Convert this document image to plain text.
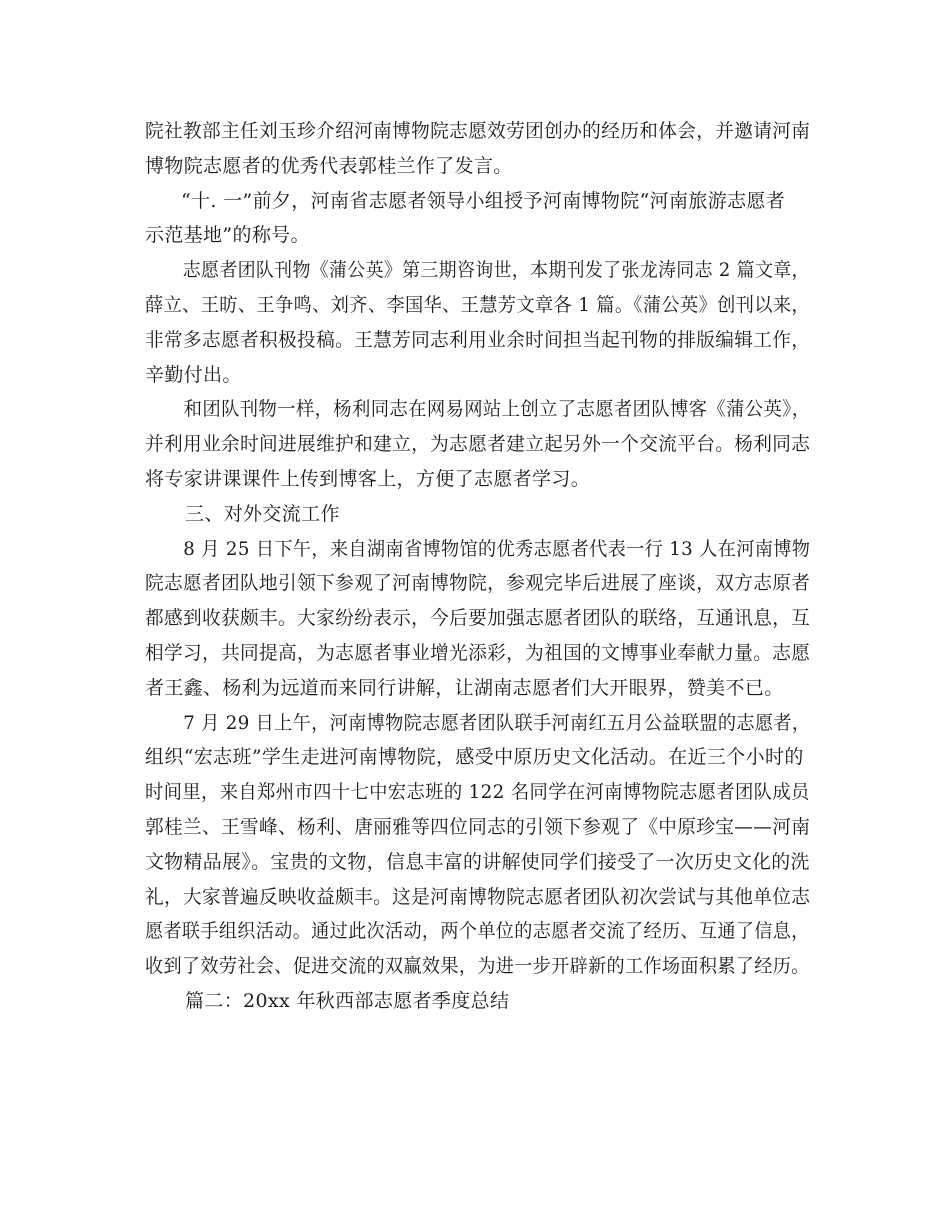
院社教部主任刘玉珍介绍河南博物院志愿效劳团创办的经历和体会，并邀请河南
博物院志愿者的优秀代表郭桂兰作了发言。
“十. 一”前夕，河南省志愿者领导小组授予河南博物院“河南旅游志愿者
示范基地”的称号。
志愿者团队刊物《蒲公英》第三期咨询世，本期刊发了张龙涛同志 2 篇文章，
薛立、王昉、王争鸣、刘齐、李国华、王慧芳文章各 1 篇。《蒲公英》创刊以来，
非常多志愿者积极投稿。王慧芳同志利用业余时间担当起刊物的排版编辑工作，
辛勤付出。
和团队刊物一样，杨利同志在网易网站上创立了志愿者团队博客《蒲公英》，
并利用业余时间进展维护和建立，为志愿者建立起另外一个交流平台。杨利同志
将专家讲课课件上传到博客上，方便了志愿者学习。
三、对外交流工作
8 月 25 日下午，来自湖南省博物馆的优秀志愿者代表一行 13 人在河南博物
院志愿者团队地引领下参观了河南博物院，参观完毕后进展了座谈，双方志原者
都感到收获颇丰。大家纷纷表示，今后要加强志愿者团队的联络，互通讯息，互
相学习，共同提高，为志愿者事业增光添彩，为祖国的文博事业奉献力量。志愿
者王鑫、杨利为远道而来同行讲解，让湖南志愿者们大开眼界，赞美不已。
7 月 29 日上午，河南博物院志愿者团队联手河南红五月公益联盟的志愿者，
组织“宏志班”学生走进河南博物院，感受中原历史文化活动。在近三个小时的
时间里，来自郑州市四十七中宏志班的 122 名同学在河南博物院志愿者团队成员
郭桂兰、王雪峰、杨利、唐丽雅等四位同志的引领下参观了《中原珍宝——河南
文物精品展》。宝贵的文物，信息丰富的讲解使同学们接受了一次历史文化的洗
礼，大家普遍反映收益颇丰。这是河南博物院志愿者团队初次尝试与其他单位志
愿者联手组织活动。通过此次活动，两个单位的志愿者交流了经历、互通了信息，
收到了效劳社会、促进交流的双赢效果，为进一步开辟新的工作场面积累了经历。
篇二：20xx 年秋西部志愿者季度总结
